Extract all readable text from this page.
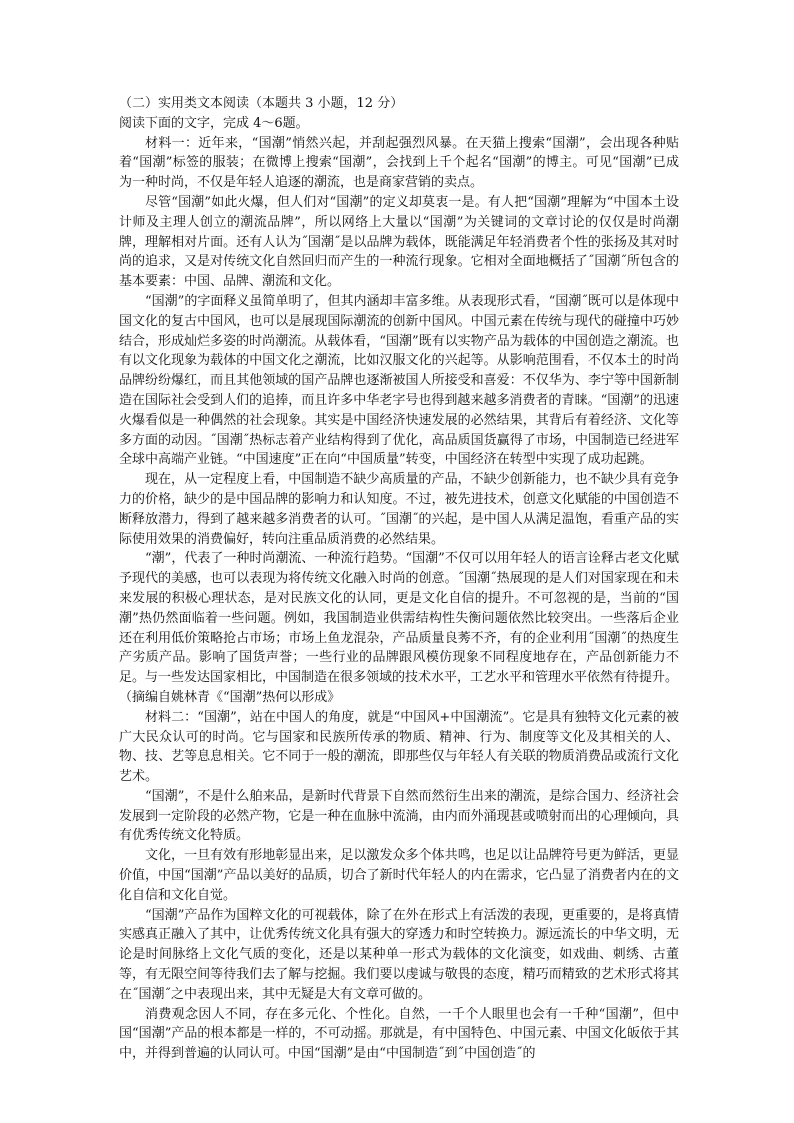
（二）实用类文本阅读（本题共 3 小题，12 分）

阅读下面的文字，完成 4～6题。

材料一：近年来，“国潮”悄然兴起，并刮起强烈风暴。在天猫上搜索“国潮”，会出现各种贴着“国潮”标签的服装；在微博上搜索“国潮”，会找到上千个起名“国潮”的博主。可见“国潮”已成为一种时尚，不仅是年轻人追逐的潮流，也是商家营销的卖点。

尽管“国潮”如此火爆，但人们对“国潮”的定义却莫衷一是。有人把“国潮”理解为“中国本土设计师及主理人创立的潮流品牌”，所以网络上大量以“国潮”为关键词的文章讨论的仅仅是时尚潮牌，理解相对片面。还有人认为˝国潮˝是以品牌为载体，既能满足年轻消费者个性的张扬及其对时尚的追求，又是对传统文化自然回归而产生的一种流行现象。它相对全面地概括了˝国潮˝所包含的基本要素：中国、品牌、潮流和文化。

“国潮”的字面释义虽简单明了，但其内涵却丰富多维。从表现形式看，“国潮˝既可以是体现中国文化的复古中国风，也可以是展现国际潮流的创新中国风。中国元素在传统与现代的碰撞中巧妙结合，形成灿烂多姿的时尚潮流。从载体看，“国潮”既有以实物产品为载体的中国创造之潮流。也有以文化现象为载体的中国文化之潮流，比如汉服文化的兴起等。从影响范围看，不仅本土的时尚品牌纷纷爆红，而且其他领域的国产品牌也逐渐被国人所接受和喜爱：不仅华为、李宁等中国新制造在国际社会受到人们的追捧，而且许多中华老字号也得到越来越多消费者的青睐。“国潮”的迅速火爆看似是一种偶然的社会现象。其实是中国经济快速发展的必然结果，其背后有着经济、文化等多方面的动因。˝国潮˝热标志着产业结构得到了优化，高品质国货赢得了市场，中国制造已经进军全球中高端产业链。“中国速度”正在向“中国质量”转变，中国经济在转型中实现了成功起跳。

现在，从一定程度上看，中国制造不缺少高质量的产品，不缺少创新能力，也不缺少具有竞争力的价格，缺少的是中国品牌的影响力和认知度。不过，被先进技术，创意文化赋能的中国创造不断释放潜力，得到了越来越多消费者的认可。˝国潮˝的兴起，是中国人从满足温饱，看重产品的实际使用效果的消费偏好，转向注重品质消费的必然结果。

“潮”，代表了一种时尚潮流、一种流行趋势。“国潮”不仅可以用年轻人的语言诠释古老文化赋予现代的美感，也可以表现为将传统文化融入时尚的创意。˝国潮˝热展现的是人们对国家现在和未来发展的积极心理状态，是对民族文化的认同，更是文化自信的提升。不可忽视的是，当前的“国潮”热仍然面临着一些问题。例如，我国制造业供需结构性失衡问题依然比较突出。一些落后企业还在利用低价策略抢占市场；市场上鱼龙混杂，产品质量良莠不齐，有的企业利用˝国潮˝的热度生产劣质产品。影响了国货声誉；一些行业的品牌跟风模仿现象不同程度地存在，产品创新能力不足。与一些发达国家相比，中国制造在很多领域的技术水平，工艺水平和管理水平依然有待提升。

（摘编自姚林青《“国潮”热何以形成》

材料二：“国潮”，站在中国人的角度，就是“中国风+中国潮流”。它是具有独特文化元素的被广大民众认可的时尚。它与国家和民族所传承的物质、精神、行为、制度等文化及其相关的人、物、技、艺等息息相关。它不同于一般的潮流，即那些仅与年轻人有关联的物质消费品或流行文化艺术。

“国潮”，不是什么舶来品，是新时代背景下自然而然衍生出来的潮流，是综合国力、经济社会发展到一定阶段的必然产物，它是一种在血脉中流淌，由内而外涌现甚或喷射而出的心理倾向，具有优秀传统文化特质。

文化，一旦有效有形地彰显出来，足以激发众多个体共鸣，也足以让品牌符号更为鲜活，更显价值，中国“国潮”产品以美好的品质，切合了新时代年轻人的内在需求，它凸显了消费者内在的文化自信和文化自觉。

“国潮”产品作为国粹文化的可视载体，除了在外在形式上有活泼的表现，更重要的，是将真情实感真正融入了其中，让优秀传统文化具有强大的穿透力和时空转换力。源远流长的中华文明，无论是时间脉络上文化气质的变化，还是以某种单一形式为载体的文化演变，如戏曲、刺绣、古董等，有无限空间等待我们去了解与挖掘。我们要以虔诚与敬畏的态度，精巧而精致的艺术形式将其在˝国潮˝之中表现出来，其中无疑是大有文章可做的。

消费观念因人不同，存在多元化、个性化。自然，一千个人眼里也会有一千种“国潮”，但中国“国潮”产品的根本都是一样的，不可动摇。那就是，有中国特色、中国元素、中国文化皈依于其中，并得到普遍的认同认可。中国“国潮”是由“中国制造˝到˝中国创造˝的
